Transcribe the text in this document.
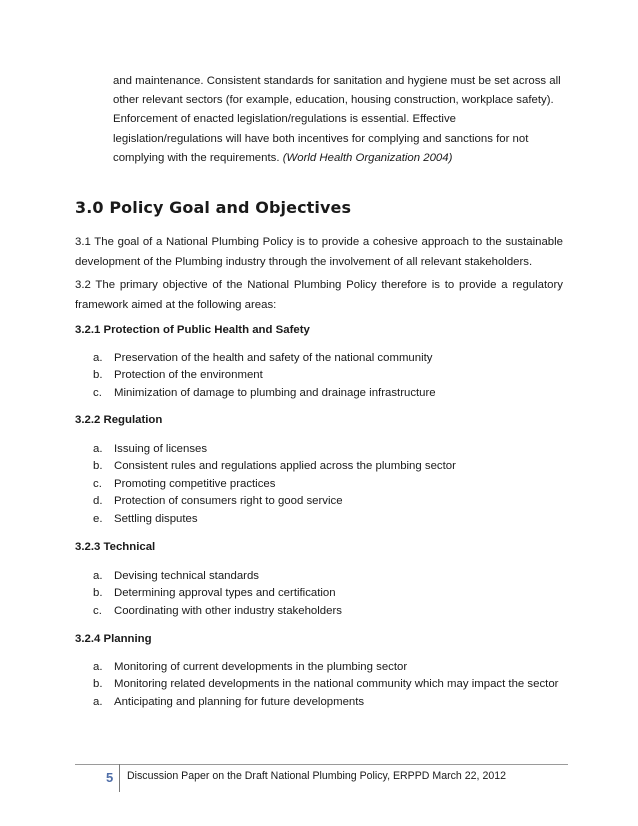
and maintenance. Consistent standards for sanitation and hygiene must be set across all
other relevant sectors (for example, education, housing construction, workplace safety).
Enforcement of enacted legislation/regulations is essential. Effective
legislation/regulations will have both incentives for complying and sanctions for not
complying with the requirements. (World Health Organization 2004)
3.0 Policy Goal and Objectives
3.1 The goal of a National Plumbing Policy is to provide a cohesive approach to the sustainable development of the Plumbing industry through the involvement of all relevant stakeholders.
3.2 The primary objective of the National Plumbing Policy therefore is to provide a regulatory framework aimed at the following areas:
3.2.1 Protection of Public Health and Safety
a.	Preservation of the health and safety of the national community
b.	Protection of the environment
c.	Minimization of damage to plumbing and drainage infrastructure
3.2.2 Regulation
a.	Issuing of licenses
b.	Consistent rules and regulations applied across the plumbing sector
c.	Promoting competitive practices
d.	Protection of consumers right to good service
e.	Settling disputes
3.2.3 Technical
a.	Devising technical standards
b.	Determining approval types and certification
c.	Coordinating with other industry stakeholders
3.2.4 Planning
a.	Monitoring of current developments in the plumbing sector
b.	Monitoring related developments in the national community which may impact the sector
a.	Anticipating and planning for future developments
5 Discussion Paper on the Draft National Plumbing Policy, ERPPD March 22, 2012
